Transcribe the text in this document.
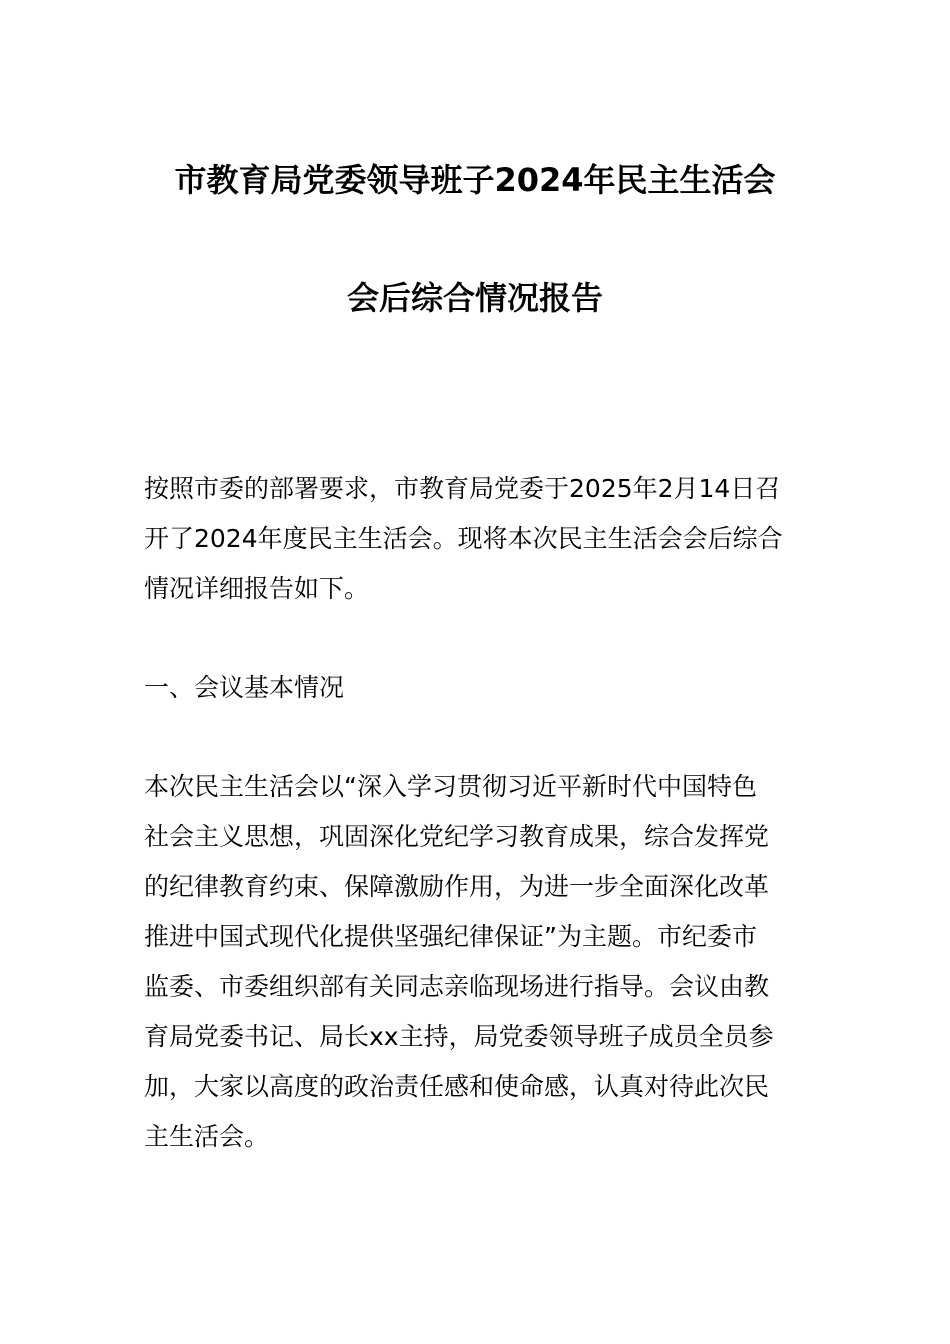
市教育局党委领导班子2024年民主生活会
会后综合情况报告
按照市委的部署要求，市教育局党委于2025年2月14日召
开了2024年度民主生活会。现将本次民主生活会会后综合
情况详细报告如下。
一、会议基本情况
本次民主生活会以“深入学习贯彻习近平新时代中国特色
社会主义思想，巩固深化党纪学习教育成果，综合发挥党
的纪律教育约束、保障激励作用，为进一步全面深化改革
推进中国式现代化提供坚强纪律保证”为主题。市纪委市
监委、市委组织部有关同志亲临现场进行指导。会议由教
育局党委书记、局长xx主持，局党委领导班子成员全员参
加，大家以高度的政治责任感和使命感，认真对待此次民
主生活会。
